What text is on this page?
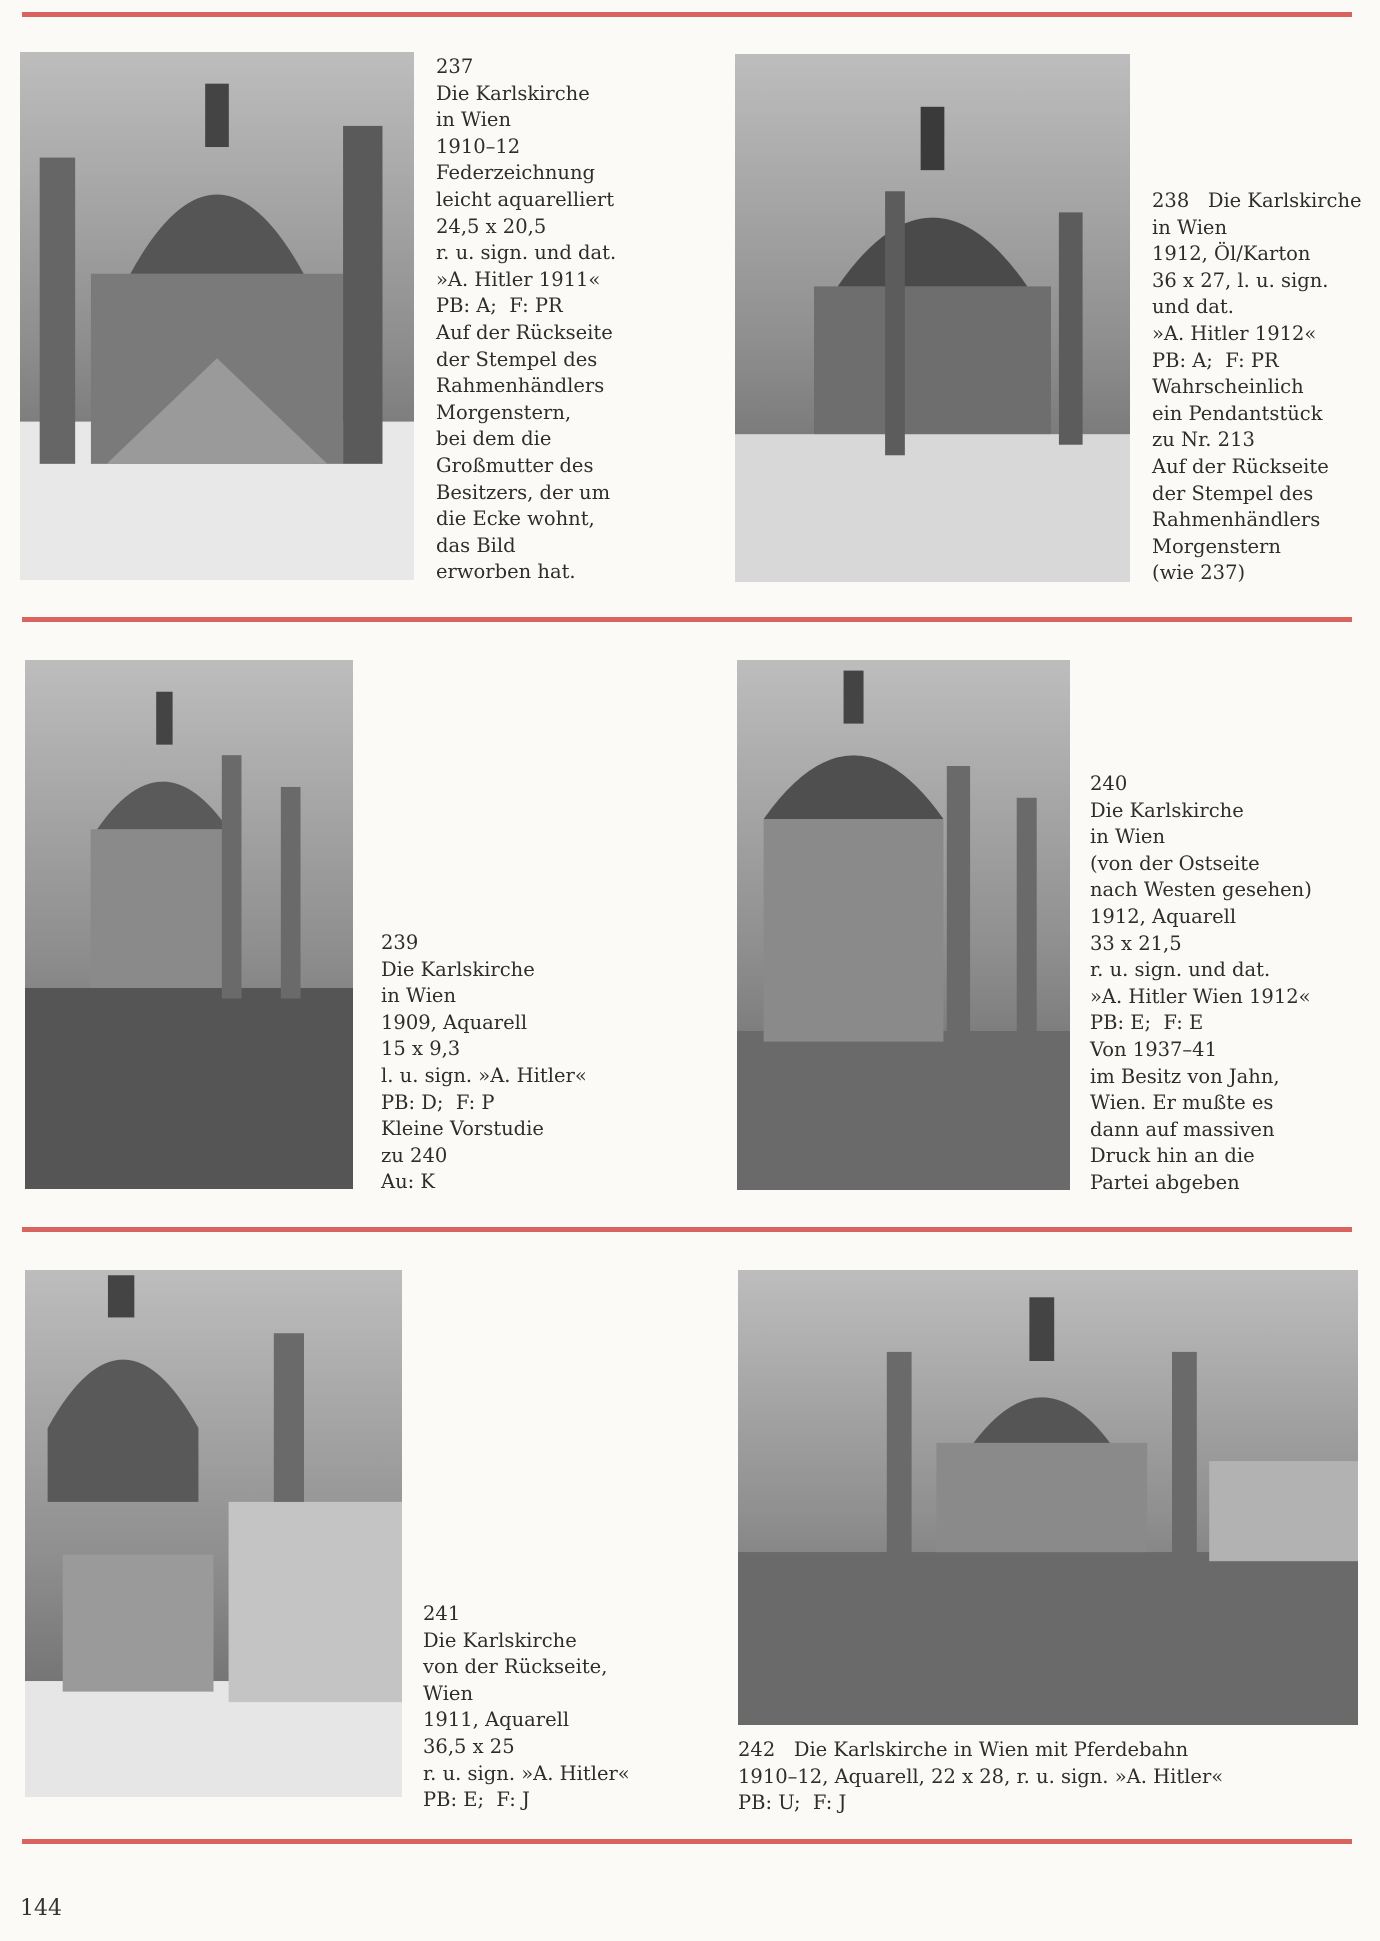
237
Die Karlskirche
in Wien
1910–12
Federzeichnung
leicht aquarelliert
24,5 x 20,5
r. u. sign. und dat.
»A. Hitler 1911«
PB: A;  F: PR
Auf der Rückseite
der Stempel des
Rahmenhändlers
Morgenstern,
bei dem die
Großmutter des
Besitzers, der um
die Ecke wohnt,
das Bild
erworben hat.
238   Die Karlskirche
in Wien
1912, Öl/Karton
36 x 27, l. u. sign.
und dat.
»A. Hitler 1912«
PB: A;  F: PR
Wahrscheinlich
ein Pendantstück
zu Nr. 213
Auf der Rückseite
der Stempel des
Rahmenhändlers
Morgenstern
(wie 237)
239
Die Karlskirche
in Wien
1909, Aquarell
15 x 9,3
l. u. sign. »A. Hitler«
PB: D;  F: P
Kleine Vorstudie
zu 240
Au: K
240
Die Karlskirche
in Wien
(von der Ostseite
nach Westen gesehen)
1912, Aquarell
33 x 21,5
r. u. sign. und dat.
»A. Hitler Wien 1912«
PB: E;  F: E
Von 1937–41
im Besitz von Jahn,
Wien. Er mußte es
dann auf massiven
Druck hin an die
Partei abgeben
241
Die Karlskirche
von der Rückseite,
Wien
1911, Aquarell
36,5 x 25
r. u. sign. »A. Hitler«
PB: E;  F: J
242   Die Karlskirche in Wien mit Pferdebahn
1910–12, Aquarell, 22 x 28, r. u. sign. »A. Hitler«
PB: U;  F: J
144
